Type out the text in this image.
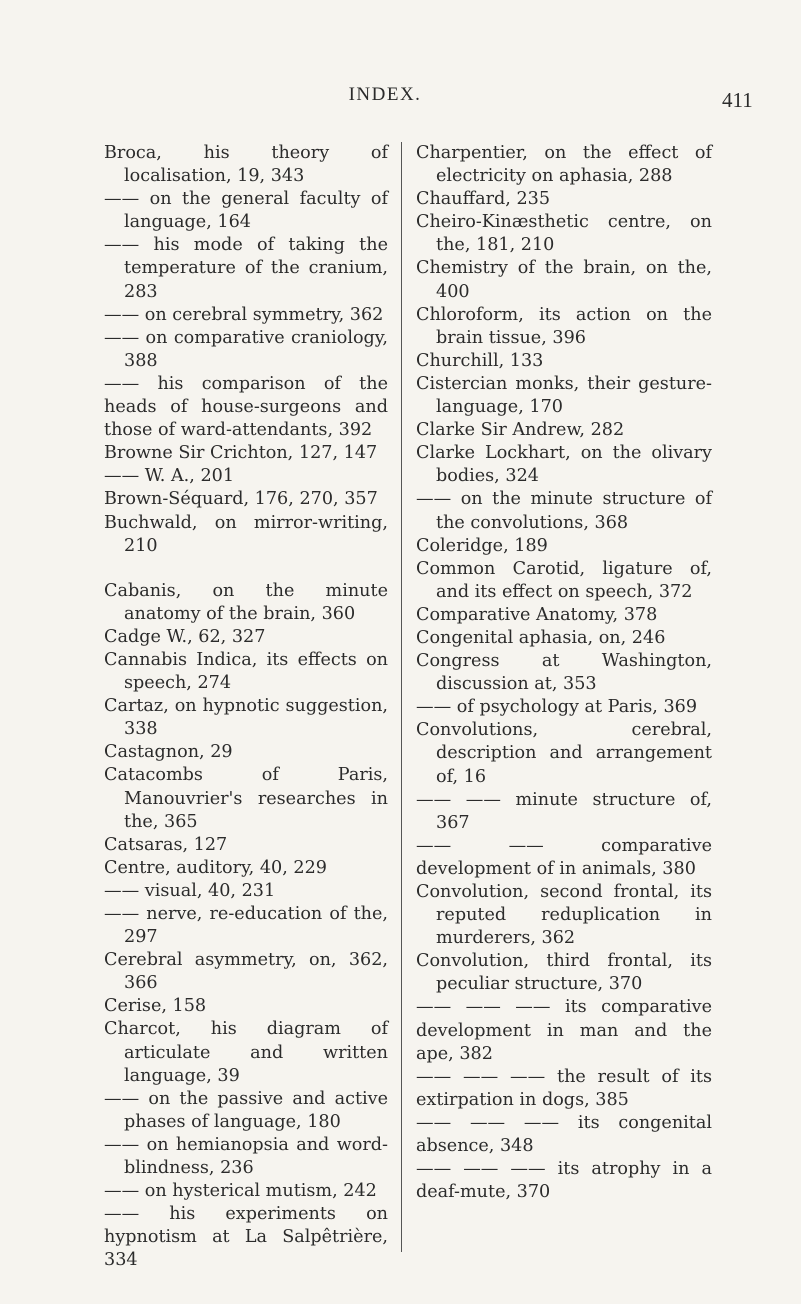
INDEX.	411
Broca, his theory of localisation, 19, 343
—— on the general faculty of language, 164
—— his mode of taking the temperature of the cranium, 283
—— on cerebral symmetry, 362
—— on comparative craniology, 388
—— his comparison of the heads of house-surgeons and those of ward-attendants, 392
Browne Sir Crichton, 127, 147
—— W. A., 201
Brown-Séquard, 176, 270, 357
Buchwald, on mirror-writing, 210
Cabanis, on the minute anatomy of the brain, 360
Cadge W., 62, 327
Cannabis Indica, its effects on speech, 274
Cartaz, on hypnotic suggestion, 338
Castagnon, 29
Catacombs of Paris, Manouvrier's researches in the, 365
Catsaras, 127
Centre, auditory, 40, 229
—— visual, 40, 231
—— nerve, re-education of the, 297
Cerebral asymmetry, on, 362, 366
Cerise, 158
Charcot, his diagram of articulate and written language, 39
—— on the passive and active phases of language, 180
—— on hemianopsia and word-blindness, 236
—— on hysterical mutism, 242
—— his experiments on hypnotism at La Salpêtrière, 334
Charpentier, on the effect of electricity on aphasia, 288
Chauffard, 235
Cheiro-Kinæsthetic centre, on the, 181, 210
Chemistry of the brain, on the, 400
Chloroform, its action on the brain tissue, 396
Churchill, 133
Cistercian monks, their gesture-language, 170
Clarke Sir Andrew, 282
Clarke Lockhart, on the olivary bodies, 324
—— on the minute structure of the convolutions, 368
Coleridge, 189
Common Carotid, ligature of, and its effect on speech, 372
Comparative Anatomy, 378
Congenital aphasia, on, 246
Congress at Washington, discussion at, 353
—— of psychology at Paris, 369
Convolutions, cerebral, description and arrangement of, 16
—— —— minute structure of, 367
—— —— comparative development of in animals, 380
Convolution, second frontal, its reputed reduplication in murderers, 362
Convolution, third frontal, its peculiar structure, 370
—— —— —— its comparative development in man and the ape, 382
—— —— —— the result of its extirpation in dogs, 385
—— —— —— its congenital absence, 348
—— —— —— its atrophy in a deaf-mute, 370
